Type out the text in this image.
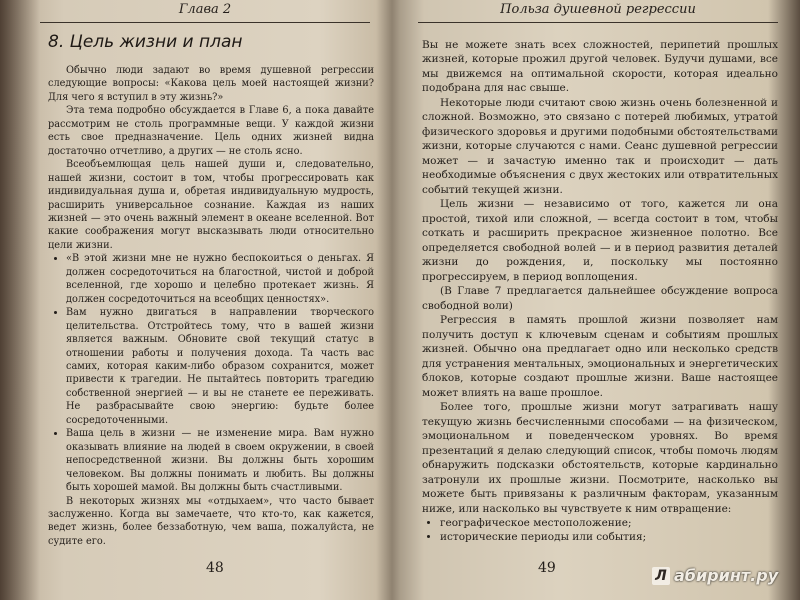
Глава 2
8. Цель жизни и план

Обычно люди задают во время душевной регрессии следующие вопросы: «Какова цель моей настоящей жизни? Для чего я вступил в эту жизнь?»

Эта тема подробно обсуждается в Главе 6, а пока давайте рассмотрим не столь программные вещи. У каждой жизни есть свое предназначение. Цель одних жизней видна достаточно отчетливо, а других — не столь ясно.

Всеобъемлющая цель нашей души и, следовательно, нашей жизни, состоит в том, чтобы прогрессировать как индивидуальная душа и, обретая индивидуальную мудрость, расширить универсальное сознание. Каждая из наших жизней — это очень важный элемент в океане вселенной. Вот какие соображения могут высказывать люди относительно цели жизни.

• «В этой жизни мне не нужно беспокоиться о деньгах. Я должен сосредоточиться на благостной, чистой и доброй вселенной, где хорошо и целебно протекает жизнь. Я должен сосредоточиться на всеобщих ценностях».
• Вам нужно двигаться в направлении творческого целительства. Отстройтесь тому, что в вашей жизни является важным. Обновите свой текущий статус в отношении работы и получения дохода. Та часть вас самих, которая каким-либо образом сохранится, может привести к трагедии. Не пытайтесь повторить трагедию собственной энергией — и вы не станете ее переживать. Не разбрасывайте свою энергию: будьте более сосредоточенными.
• Ваша цель в жизни — не изменение мира. Вам нужно оказывать влияние на людей в своем окружении, в своей непосредственной жизни. Вы должны быть хорошим человеком. Вы должны понимать и любить. Вы должны быть хорошей мамой. Вы должны быть счастливыми.

В некоторых жизнях мы «отдыхаем», что часто бывает заслуженно. Когда вы замечаете, что кто-то, как кажется, ведет жизнь, более беззаботную, чем ваша, пожалуйста, не судите его.

48
Польза душевной регрессии

Вы не можете знать всех сложностей, перипетий прошлых жизней, которые прожил другой человек. Будучи душами, все мы движемся на оптимальной скорости, которая идеально подобрана для нас свыше.

Некоторые люди считают свою жизнь очень болезненной и сложной. Возможно, это связано с потерей любимых, утратой физического здоровья и другими подобными обстоятельствами жизни, которые случаются с нами. Сеанс душевной регрессии может — и зачастую именно так и происходит — дать необходимые объяснения с двух жестоких или отвратительных событий текущей жизни.

Цель жизни — независимо от того, кажется ли она простой, тихой или сложной, — всегда состоит в том, чтобы соткать и расширить прекрасное жизненное полотно. Все определяется свободной волей — и в период развития деталей жизни до рождения, и, поскольку мы постоянно прогрессируем, в период воплощения.

(В Главе 7 предлагается дальнейшее обсуждение вопроса свободной воли)

Регрессия в память прошлой жизни позволяет нам получить доступ к ключевым сценам и событиям прошлых жизней. Обычно она предлагает одно или несколько средств для устранения ментальных, эмоциональных и энергетических блоков, которые создают прошлые жизни. Ваше настоящее может влиять на ваше прошлое.

Более того, прошлые жизни могут затрагивать нашу текущую жизнь бесчисленными способами — на физическом, эмоциональном и поведенческом уровнях. Во время презентаций я делаю следующий список, чтобы помочь людям обнаружить подсказки обстоятельств, которые кардинально затронули их прошлые жизни. Посмотрите, насколько вы можете быть привязаны к различным факторам, указанным ниже, или насколько вы чувствуете к ним отвращение:

• географическое местоположение;
• исторические периоды или события;
49	Л абиринт.ру
